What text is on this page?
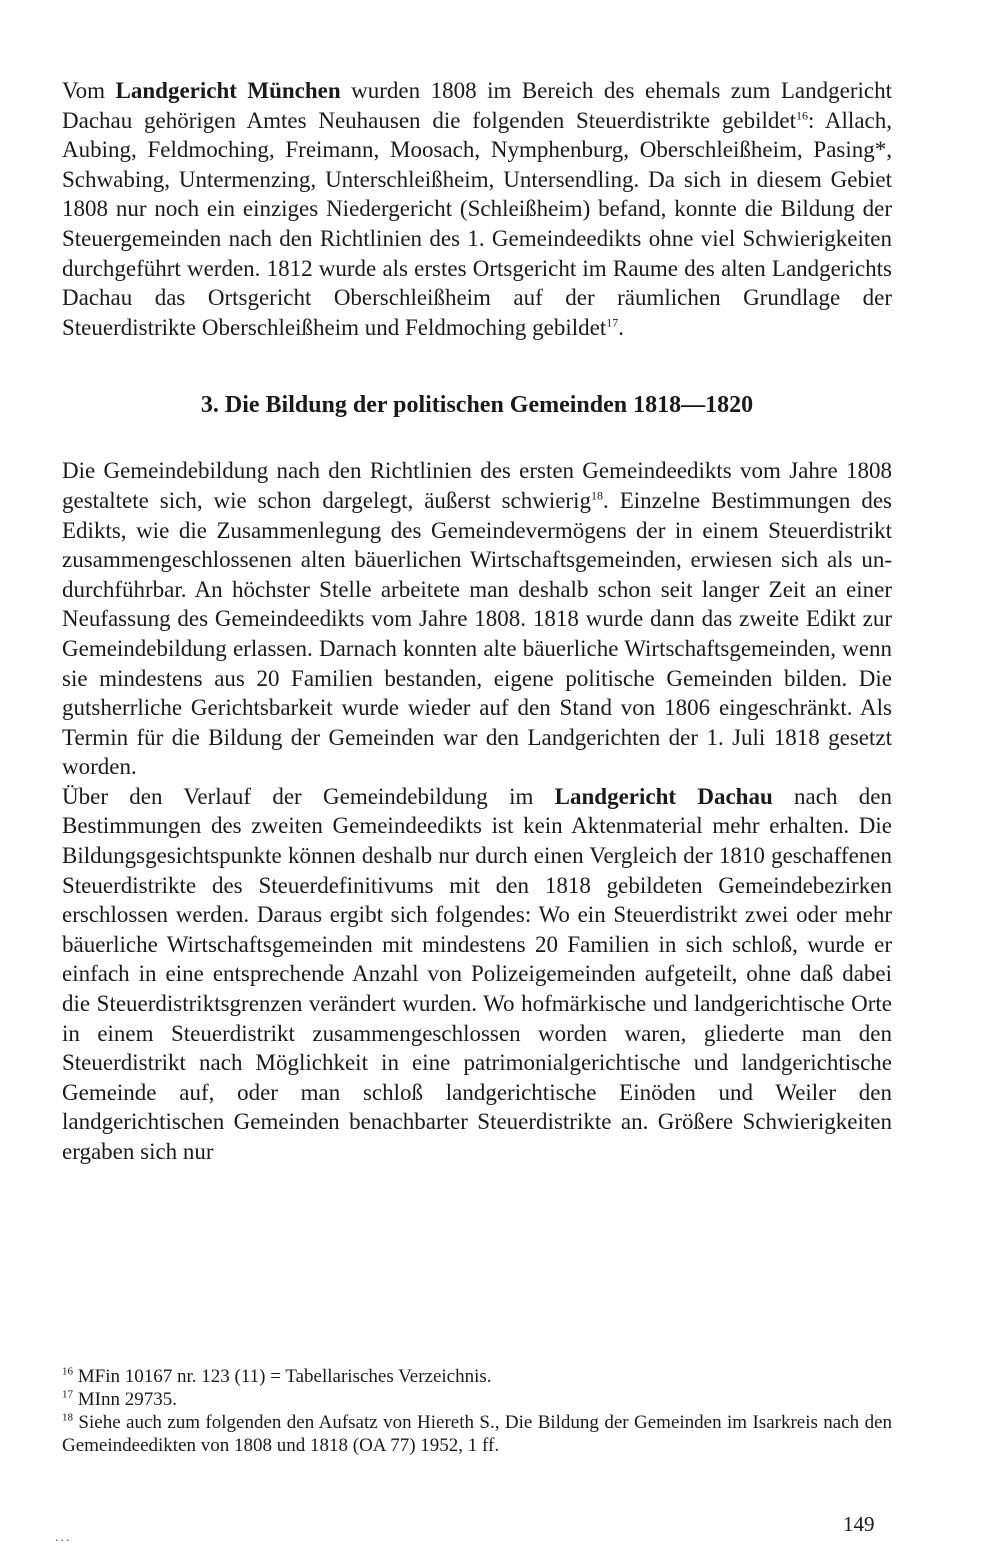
Vom Landgericht München wurden 1808 im Bereich des ehemals zum Landgericht Dachau gehörigen Amtes Neuhausen die folgenden Steuerdistrikte gebildet$^{16}$: Allach, Aubing, Feldmoching, Freimann, Moosach, Nymphenburg, Oberschleißheim, Pasing*, Schwabing, Untermenzing, Unterschleißheim, Untersendling. Da sich in diesem Gebiet 1808 nur noch ein einziges Niedergericht (Schleißheim) befand, konnte die Bildung der Steuergemeinden nach den Richtlinien des 1. Gemeindeedikts ohne viel Schwierigkeiten durchgeführt werden. 1812 wurde als erstes Ortsgericht im Raume des alten Landgerichts Dachau das Ortsgericht Oberschleißheim auf der räumlichen Grundlage der Steuerdistrikte Oberschleißheim und Feldmoching gebildet$^{17}$.

3. Die Bildung der politischen Gemeinden 1818—1820

Die Gemeindebildung nach den Richtlinien des ersten Gemeindeedikts vom Jahre 1808 gestaltete sich, wie schon dargelegt, äußerst schwierig$^{18}$. Einzelne Bestimmungen des Edikts, wie die Zusammenlegung des Gemeindevermögens der in einem Steuerdistrikt zusammengeschlossenen alten bäuerlichen Wirtschaftsgemeinden, erwiesen sich als undurchführbar. An höchster Stelle arbeitete man deshalb schon seit langer Zeit an einer Neufassung des Gemeindeedikts vom Jahre 1808. 1818 wurde dann das zweite Edikt zur Gemeindebildung erlassen. Darnach konnten alte bäuerliche Wirtschaftsgemeinden, wenn sie mindestens aus 20 Familien bestanden, eigene politische Gemeinden bilden. Die gutsherrliche Gerichtsbarkeit wurde wieder auf den Stand von 1806 eingeschränkt. Als Termin für die Bildung der Gemeinden war den Landgerichten der 1. Juli 1818 gesetzt worden.

Über den Verlauf der Gemeindebildung im Landgericht Dachau nach den Bestimmungen des zweiten Gemeindeedikts ist kein Aktenmaterial mehr erhalten. Die Bildungsgesichtspunkte können deshalb nur durch einen Vergleich der 1810 geschaffenen Steuerdistrikte des Steuerdefinitivums mit den 1818 gebildeten Gemeindebezirken erschlossen werden. Daraus ergibt sich folgendes: Wo ein Steuerdistrikt zwei oder mehr bäuerliche Wirtschaftsgemeinden mit mindestens 20 Familien in sich schloß, wurde er einfach in eine entsprechende Anzahl von Polizeigemeinden aufgeteilt, ohne daß dabei die Steuerdistriktsgrenzen verändert wurden. Wo hofmärkische und landgerichtische Orte in einem Steuerdistrikt zusammengeschlossen worden waren, gliederte man den Steuerdistrikt nach Möglichkeit in eine patrimonialgerichtische und landgerichtische Gemeinde auf, oder man schloß landgerichtische Einöden und Weiler den landgerichtischen Gemeinden benachbarter Steuerdistrikte an. Größere Schwierigkeiten ergaben sich nur

$^{16}$ MFin 10167 nr. 123 (11) = Tabellarisches Verzeichnis.

$^{17}$ MInn 29735.

$^{18}$ Siehe auch zum folgenden den Aufsatz von Hiereth S., Die Bildung der Gemeinden im Isarkreis nach den Gemeindeedikten von 1808 und 1818 (OA 77) 1952, 1 ff.

149
...
